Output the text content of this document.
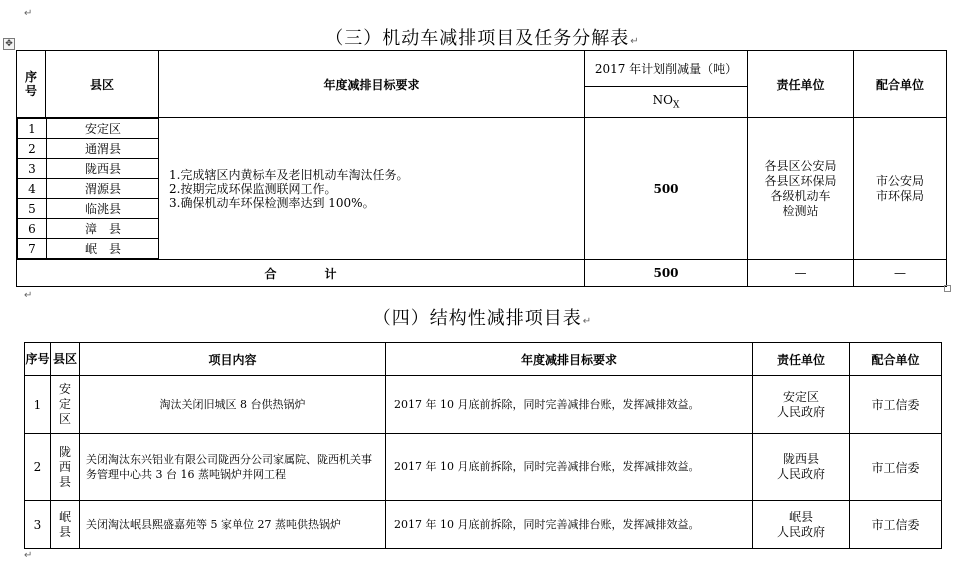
↵
✥	（三）机动车减排项目及任务分解表↵
序号	县区	年度减排目标要求	2017 年计划削减量（吨）	责任单位	配合单位
$NO_X$

1	安定区
2	通渭县
3	陇西县
4	渭源县
5	临洮县
6	漳　县
7	岷　县

1.完成辖区内黄标车及老旧机动车淘汰任务。
2.按期完成环保监测联网工作。
3.确保机动车环保检测率达到 100%。
	500	
各县区公安局
各县区环保局
各级机动车
检测站

市公安局
市环保局

合	计	500	—	—
↵
（四）结构性减排项目表↵
序号	县区	项目内容	年度减排目标要求	责任单位	配合单位
1	安定区	淘汰关闭旧城区 8 台供热锅炉	2017 年 10 月底前拆除，同时完善减排台账，发挥减排效益。	安定区
人民政府	市工信委
2	陇西县	关闭淘汰东兴铝业有限公司陇西分公司家属院、陇西机关事务管理中心共 3 台 16 蒸吨锅炉并网工程	2017 年 10 月底前拆除，同时完善减排台账，发挥减排效益。	陇西县
人民政府	市工信委
3	岷县	关闭淘汰岷县熙盛嘉苑等 5 家单位 27 蒸吨供热锅炉	2017 年 10 月底前拆除，同时完善减排台账，发挥减排效益。	岷县
人民政府	市工信委
↵
